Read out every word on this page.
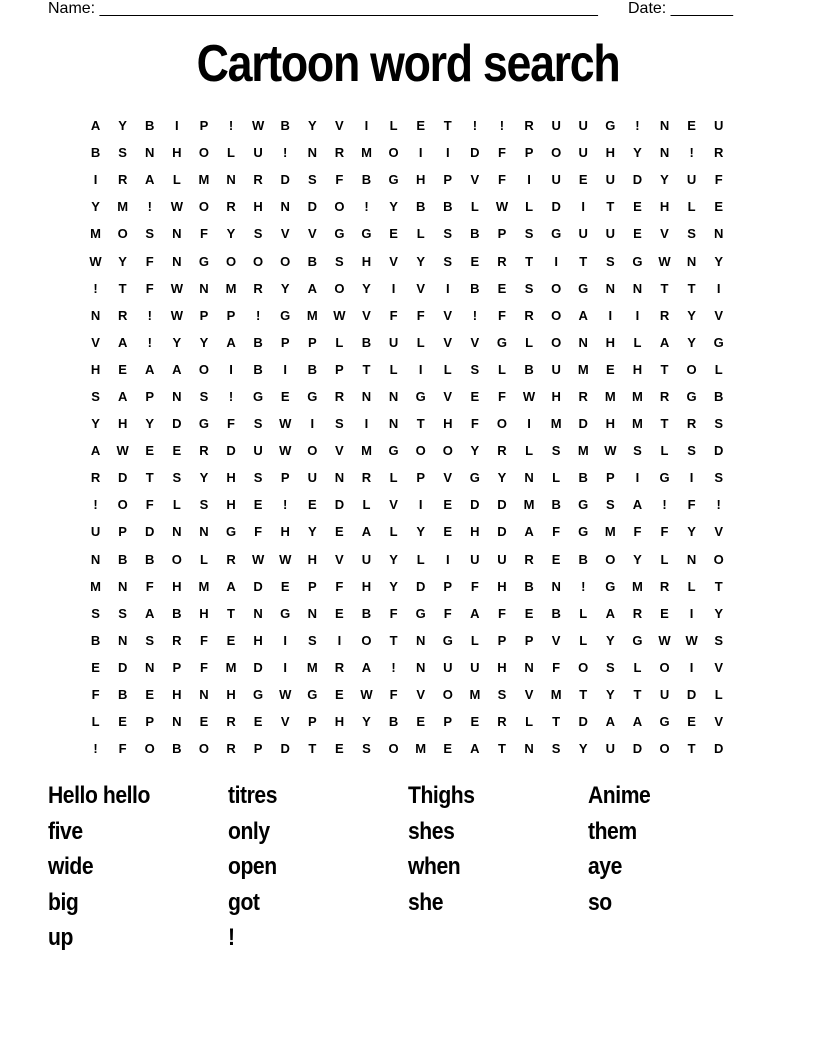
Name: ________________________________________________________ Date: _______
Cartoon word search
A	Y	B	I	P	!	W	B	Y	V	I	L	E	T	!	!	R	U	U	G	!	N	E	U
B	S	N	H	O	L	U	!	N	R	M	O	I	I	D	F	P	O	U	H	Y	N	!	R
I	R	A	L	M	N	R	D	S	F	B	G	H	P	V	F	I	U	E	U	D	Y	U	F
Y	M	!	W	O	R	H	N	D	O	!	Y	B	B	L	W	L	D	I	T	E	H	L	E
M	O	S	N	F	Y	S	V	V	G	G	E	L	S	B	P	S	G	U	U	E	V	S	N
W	Y	F	N	G	O	O	O	B	S	H	V	Y	S	E	R	T	I	T	S	G	W	N	Y
!	T	F	W	N	M	R	Y	A	O	Y	I	V	I	B	E	S	O	G	N	N	T	T	I
N	R	!	W	P	P	!	G	M	W	V	F	F	V	!	F	R	O	A	I	I	R	Y	V
V	A	!	Y	Y	A	B	P	P	L	B	U	L	V	V	G	L	O	N	H	L	A	Y	G
H	E	A	A	O	I	B	I	B	P	T	L	I	L	S	L	B	U	M	E	H	T	O	L
S	A	P	N	S	!	G	E	G	R	N	N	G	V	E	F	W	H	R	M	M	R	G	B
Y	H	Y	D	G	F	S	W	I	S	I	N	T	H	F	O	I	M	D	H	M	T	R	S
A	W	E	E	R	D	U	W	O	V	M	G	O	O	Y	R	L	S	M	W	S	L	S	D
R	D	T	S	Y	H	S	P	U	N	R	L	P	V	G	Y	N	L	B	P	I	G	I	S
!	O	F	L	S	H	E	!	E	D	L	V	I	E	D	D	M	B	G	S	A	!	F	!
U	P	D	N	N	G	F	H	Y	E	A	L	Y	E	H	D	A	F	G	M	F	F	Y	V
N	B	B	O	L	R	W	W	H	V	U	Y	L	I	U	U	R	E	B	O	Y	L	N	O
M	N	F	H	M	A	D	E	P	F	H	Y	D	P	F	H	B	N	!	G	M	R	L	T
S	S	A	B	H	T	N	G	N	E	B	F	G	F	A	F	E	B	L	A	R	E	I	Y
B	N	S	R	F	E	H	I	S	I	O	T	N	G	L	P	P	V	L	Y	G	W	W	S
E	D	N	P	F	M	D	I	M	R	A	!	N	U	U	H	N	F	O	S	L	O	I	V
F	B	E	H	N	H	G	W	G	E	W	F	V	O	M	S	V	M	T	Y	T	U	D	L
L	E	P	N	E	R	E	V	P	H	Y	B	E	P	E	R	L	T	D	A	A	G	E	V
!	F	O	B	O	R	P	D	T	E	S	O	M	E	A	T	N	S	Y	U	D	O	T	D
Hello hello
five
wide
big
up
titres
only
open
got
!
Thighs
shes
when
she
Anime
them
aye
so
